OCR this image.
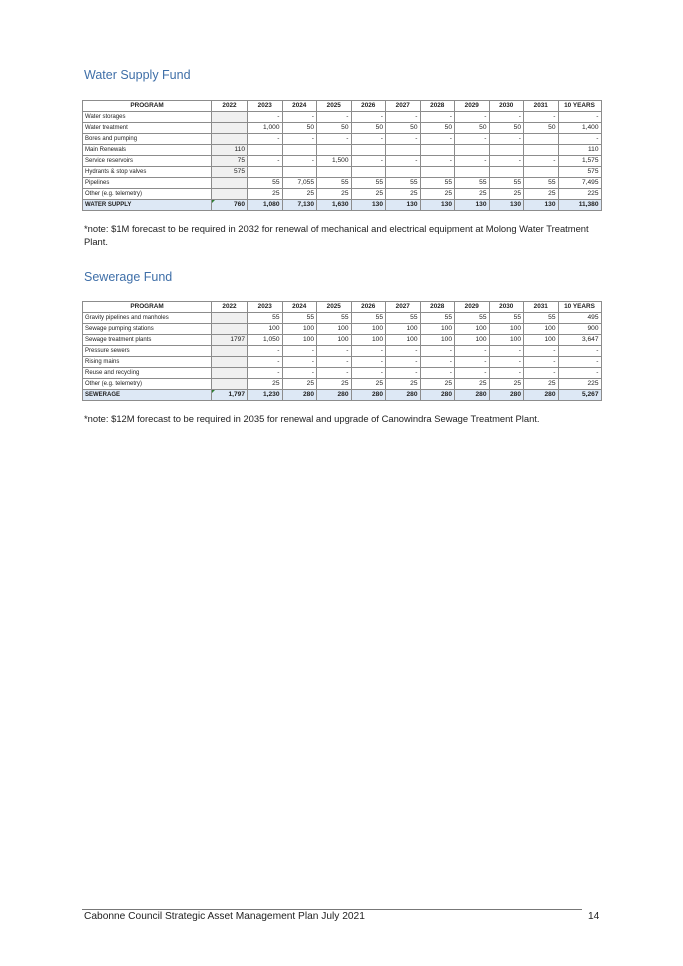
Water Supply Fund
PROGRAM	2022	2023	2024	2025	2026	2027	2028	2029	2030	2031	10 YEARS
Water storages		-	-	-	-	-	-	-	-	-	-
Water treatment		1,000	50	50	50	50	50	50	50	50	1,400
Bores and pumping		-	-	-	-	-	-	-	-		-
Main Renewals	110										110
Service reservoirs	75	-	-	1,500	-	-	-	-	-	-	1,575
Hydrants & stop valves	575										575
Pipelines		55	7,055	55	55	55	55	55	55	55	7,495
Other (e.g. telemetry)		25	25	25	25	25	25	25	25	25	225
WATER SUPPLY	760	1,080	7,130	1,630	130	130	130	130	130	130	11,380
*note: $1M forecast to be required in 2032 for renewal of mechanical and electrical equipment at Molong Water Treatment Plant.
Sewerage Fund
PROGRAM	2022	2023	2024	2025	2026	2027	2028	2029	2030	2031	10 YEARS
Gravity pipelines and manholes		55	55	55	55	55	55	55	55	55	495
Sewage pumping stations		100	100	100	100	100	100	100	100	100	900
Sewage treatment plants	1797	1,050	100	100	100	100	100	100	100	100	3,647
Pressure sewers		-	-	-	-	-	-	-	-	-	-
Rising mains		-	-	-	-	-	-	-	-	-	-
Reuse and recycling		-	-	-	-	-	-	-	-	-	-
Other (e.g. telemetry)		25	25	25	25	25	25	25	25	25	225
SEWERAGE	1,797	1,230	280	280	280	280	280	280	280	280	5,267
*note: $12M forecast to be required in 2035 for renewal and upgrade of Canowindra Sewage Treatment Plant.
Cabonne Council Strategic Asset Management Plan July 2021	14
